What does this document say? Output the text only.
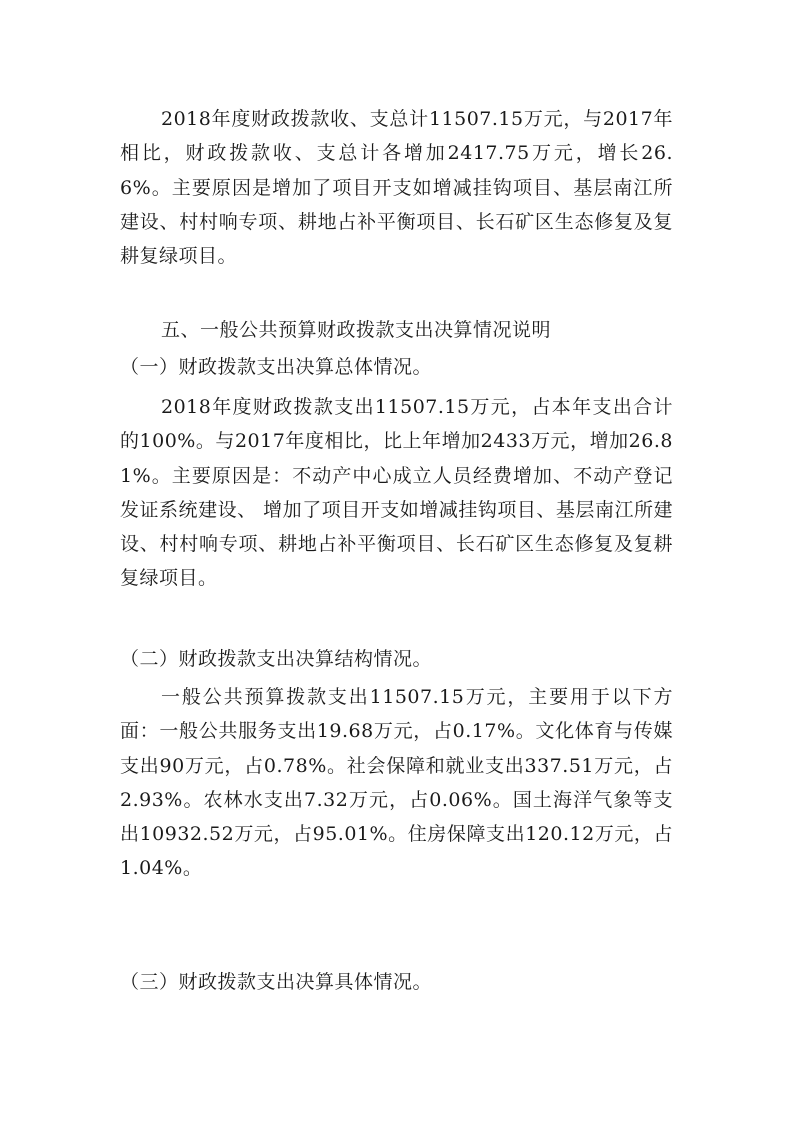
2018年度财政拨款收、支总计11507.15万元，与2017年相比，财政拨款收、支总计各增加2417.75万元，增长26.6%。主要原因是增加了项目开支如增减挂钩项目、基层南江所建设、村村响专项、耕地占补平衡项目、长石矿区生态修复及复耕复绿项目。

五、一般公共预算财政拨款支出决算情况说明

（一）财政拨款支出决算总体情况。

2018年度财政拨款支出11507.15万元，占本年支出合计的100%。与2017年度相比，比上年增加2433万元，增加26.81%。主要原因是：不动产中心成立人员经费增加、不动产登记发证系统建设、 增加了项目开支如增减挂钩项目、基层南江所建设、村村响专项、耕地占补平衡项目、长石矿区生态修复及复耕复绿项目。

（二）财政拨款支出决算结构情况。

一般公共预算拨款支出11507.15万元，主要用于以下方面：一般公共服务支出19.68万元，占0.17%。文化体育与传媒支出90万元，占0.78%。社会保障和就业支出337.51万元，占2.93%。农林水支出7.32万元，占0.06%。国土海洋气象等支出10932.52万元，占95.01%。住房保障支出120.12万元，占1.04%。

（三）财政拨款支出决算具体情况。
